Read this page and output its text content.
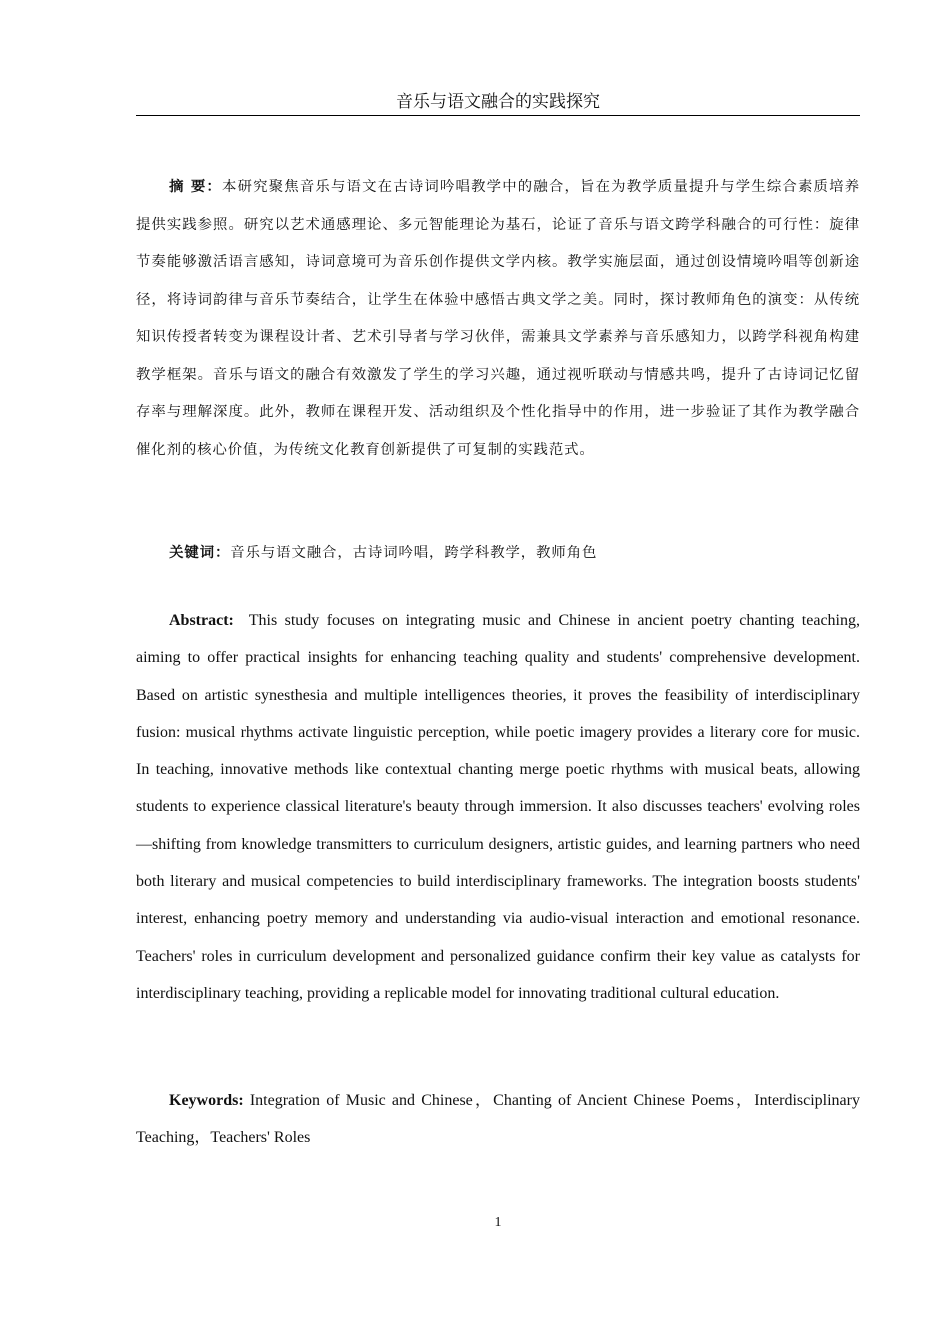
音乐与语文融合的实践探究

摘 要：本研究聚焦音乐与语文在古诗词吟唱教学中的融合，旨在为教学质量提升与学生综合素质培养提供实践参照。研究以艺术通感理论、多元智能理论为基石，论证了音乐与语文跨学科融合的可行性：旋律节奏能够激活语言感知，诗词意境可为音乐创作提供文学内核。教学实施层面，通过创设情境吟唱等创新途径，将诗词韵律与音乐节奏结合，让学生在体验中感悟古典文学之美。同时，探讨教师角色的演变：从传统知识传授者转变为课程设计者、艺术引导者与学习伙伴，需兼具文学素养与音乐感知力，以跨学科视角构建教学框架。音乐与语文的融合有效激发了学生的学习兴趣，通过视听联动与情感共鸣，提升了古诗词记忆留存率与理解深度。此外，教师在课程开发、活动组织及个性化指导中的作用，进一步验证了其作为教学融合催化剂的核心价值，为传统文化教育创新提供了可复制的实践范式。

关键词：音乐与语文融合，古诗词吟唱，跨学科教学，教师角色

Abstract: This study focuses on integrating music and Chinese in ancient poetry chanting teaching, aiming to offer practical insights for enhancing teaching quality and students' comprehensive development. Based on artistic synesthesia and multiple intelligences theories, it proves the feasibility of interdisciplinary fusion: musical rhythms activate linguistic perception, while poetic imagery provides a literary core for music. In teaching, innovative methods like contextual chanting merge poetic rhythms with musical beats, allowing students to experience classical literature's beauty through immersion. It also discusses teachers' evolving roles—shifting from knowledge transmitters to curriculum designers, artistic guides, and learning partners who need both literary and musical competencies to build interdisciplinary frameworks. The integration boosts students' interest, enhancing poetry memory and understanding via audio-visual interaction and emotional resonance. Teachers' roles in curriculum development and personalized guidance confirm their key value as catalysts for interdisciplinary teaching, providing a replicable model for innovating traditional cultural education.

Keywords: Integration of Music and Chinese，Chanting of Ancient Chinese Poems，Interdisciplinary Teaching，Teachers' Roles

1
